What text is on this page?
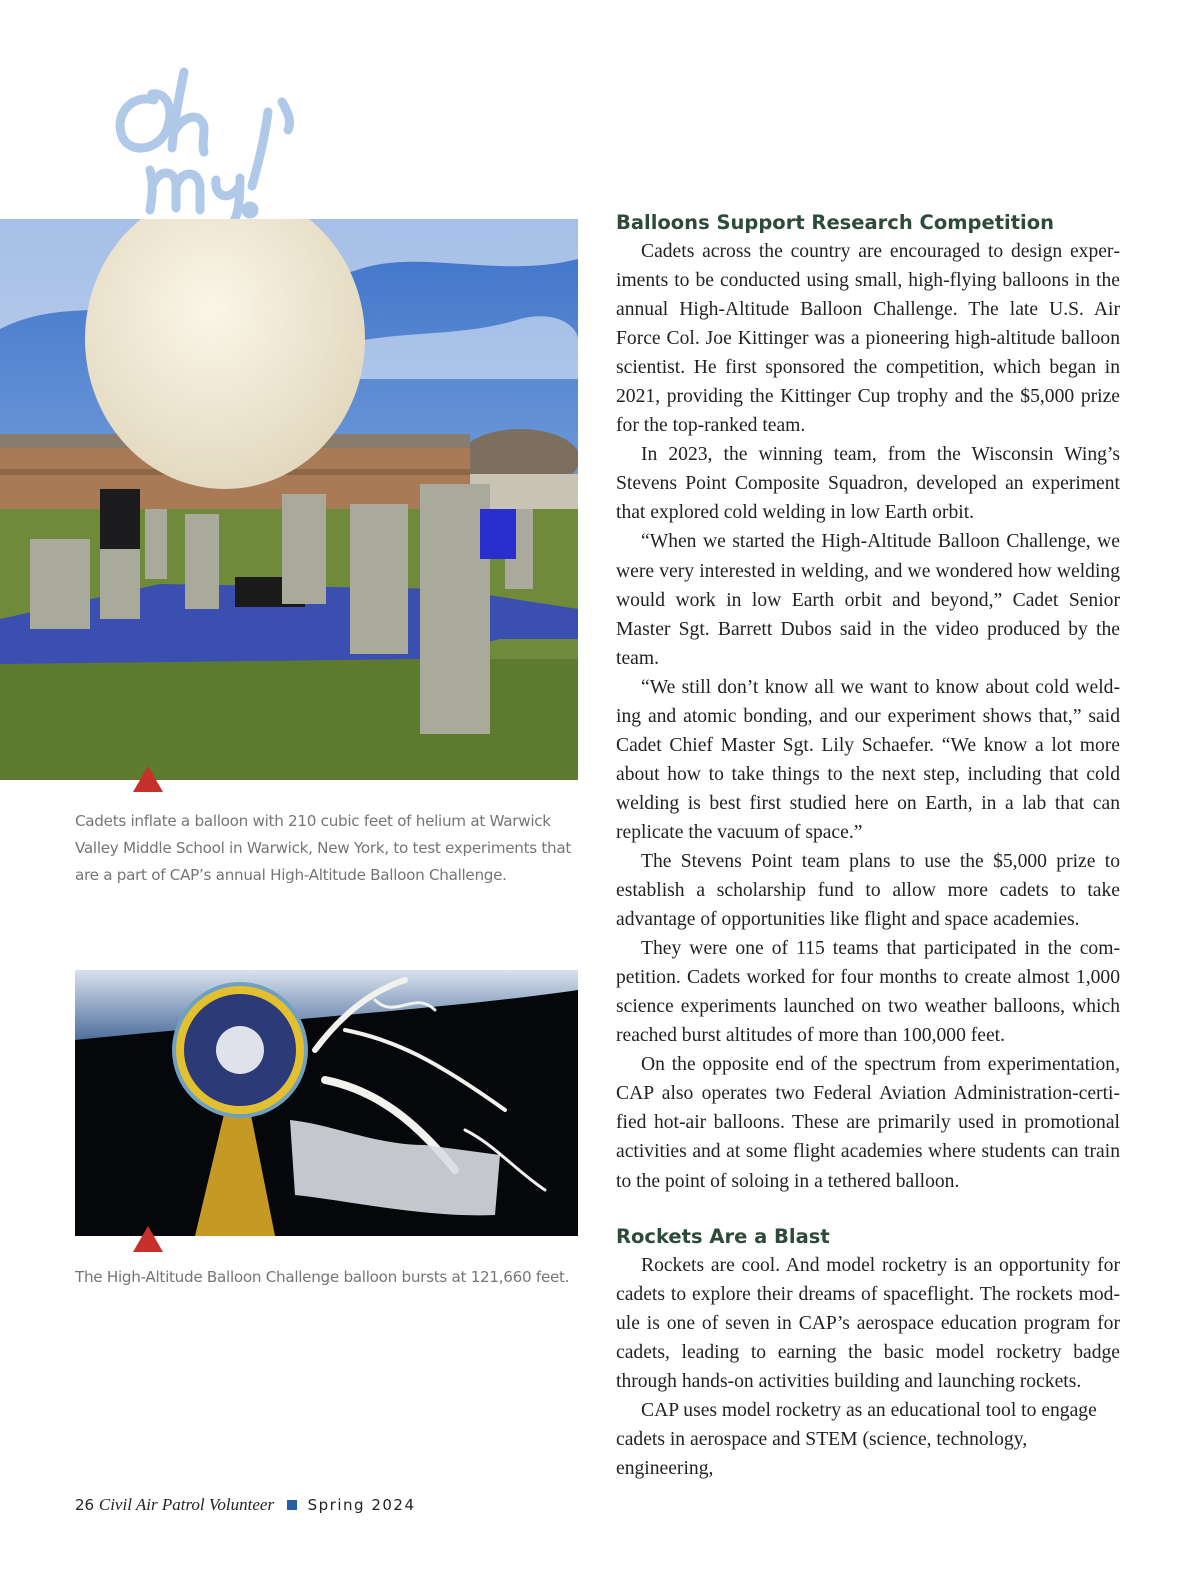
Cadets inflate a balloon with 210 cubic feet of helium at Warwick Valley Middle School in Warwick, New York, to test experiments that are a part of CAP’s annual High-Altitude Balloon Challenge.
The High-Altitude Balloon Challenge balloon bursts at 121,660 feet.
Balloons Support Research Competition

Cadets across the country are encouraged to design experiments to be conducted using small, high-flying balloons in the annual High-Altitude Balloon Challenge. The late U.S. Air Force Col. Joe Kittinger was a pioneering high-altitude balloon scientist. He first sponsored the competition, which began in 2021, providing the Kittinger Cup trophy and the $5,000 prize for the top-ranked team.

In 2023, the winning team, from the Wisconsin Wing’s Stevens Point Composite Squadron, developed an experiment that explored cold welding in low Earth orbit.

“When we started the High-Altitude Balloon Challenge, we were very interested in welding, and we wondered how welding would work in low Earth orbit and beyond,” Cadet Senior Master Sgt. Barrett Dubos said in the video produced by the team.

“We still don’t know all we want to know about cold welding and atomic bonding, and our experiment shows that,” said Cadet Chief Master Sgt. Lily Schaefer. “We know a lot more about how to take things to the next step, including that cold welding is best first studied here on Earth, in a lab that can replicate the vacuum of space.”

The Stevens Point team plans to use the $5,000 prize to establish a scholarship fund to allow more cadets to take advantage of opportunities like flight and space academies.

They were one of 115 teams that participated in the competition. Cadets worked for four months to create almost 1,000 science experiments launched on two weather balloons, which reached burst altitudes of more than 100,000 feet.

On the opposite end of the spectrum from experimentation, CAP also operates two Federal Aviation Administration-certified hot-air balloons. These are primarily used in promotional activities and at some flight academies where students can train to the point of soloing in a tethered balloon.

Rockets Are a Blast

Rockets are cool. And model rocketry is an opportunity for cadets to explore their dreams of spaceflight. The rockets module is one of seven in CAP’s aerospace education program for cadets, leading to earning the basic model rocketry badge through hands-on activities building and launching rockets.

CAP uses model rocketry as an educational tool to engage cadets in aerospace and STEM (science, technology, engineering,

26 Civil Air Patrol Volunteer Spring 2024
